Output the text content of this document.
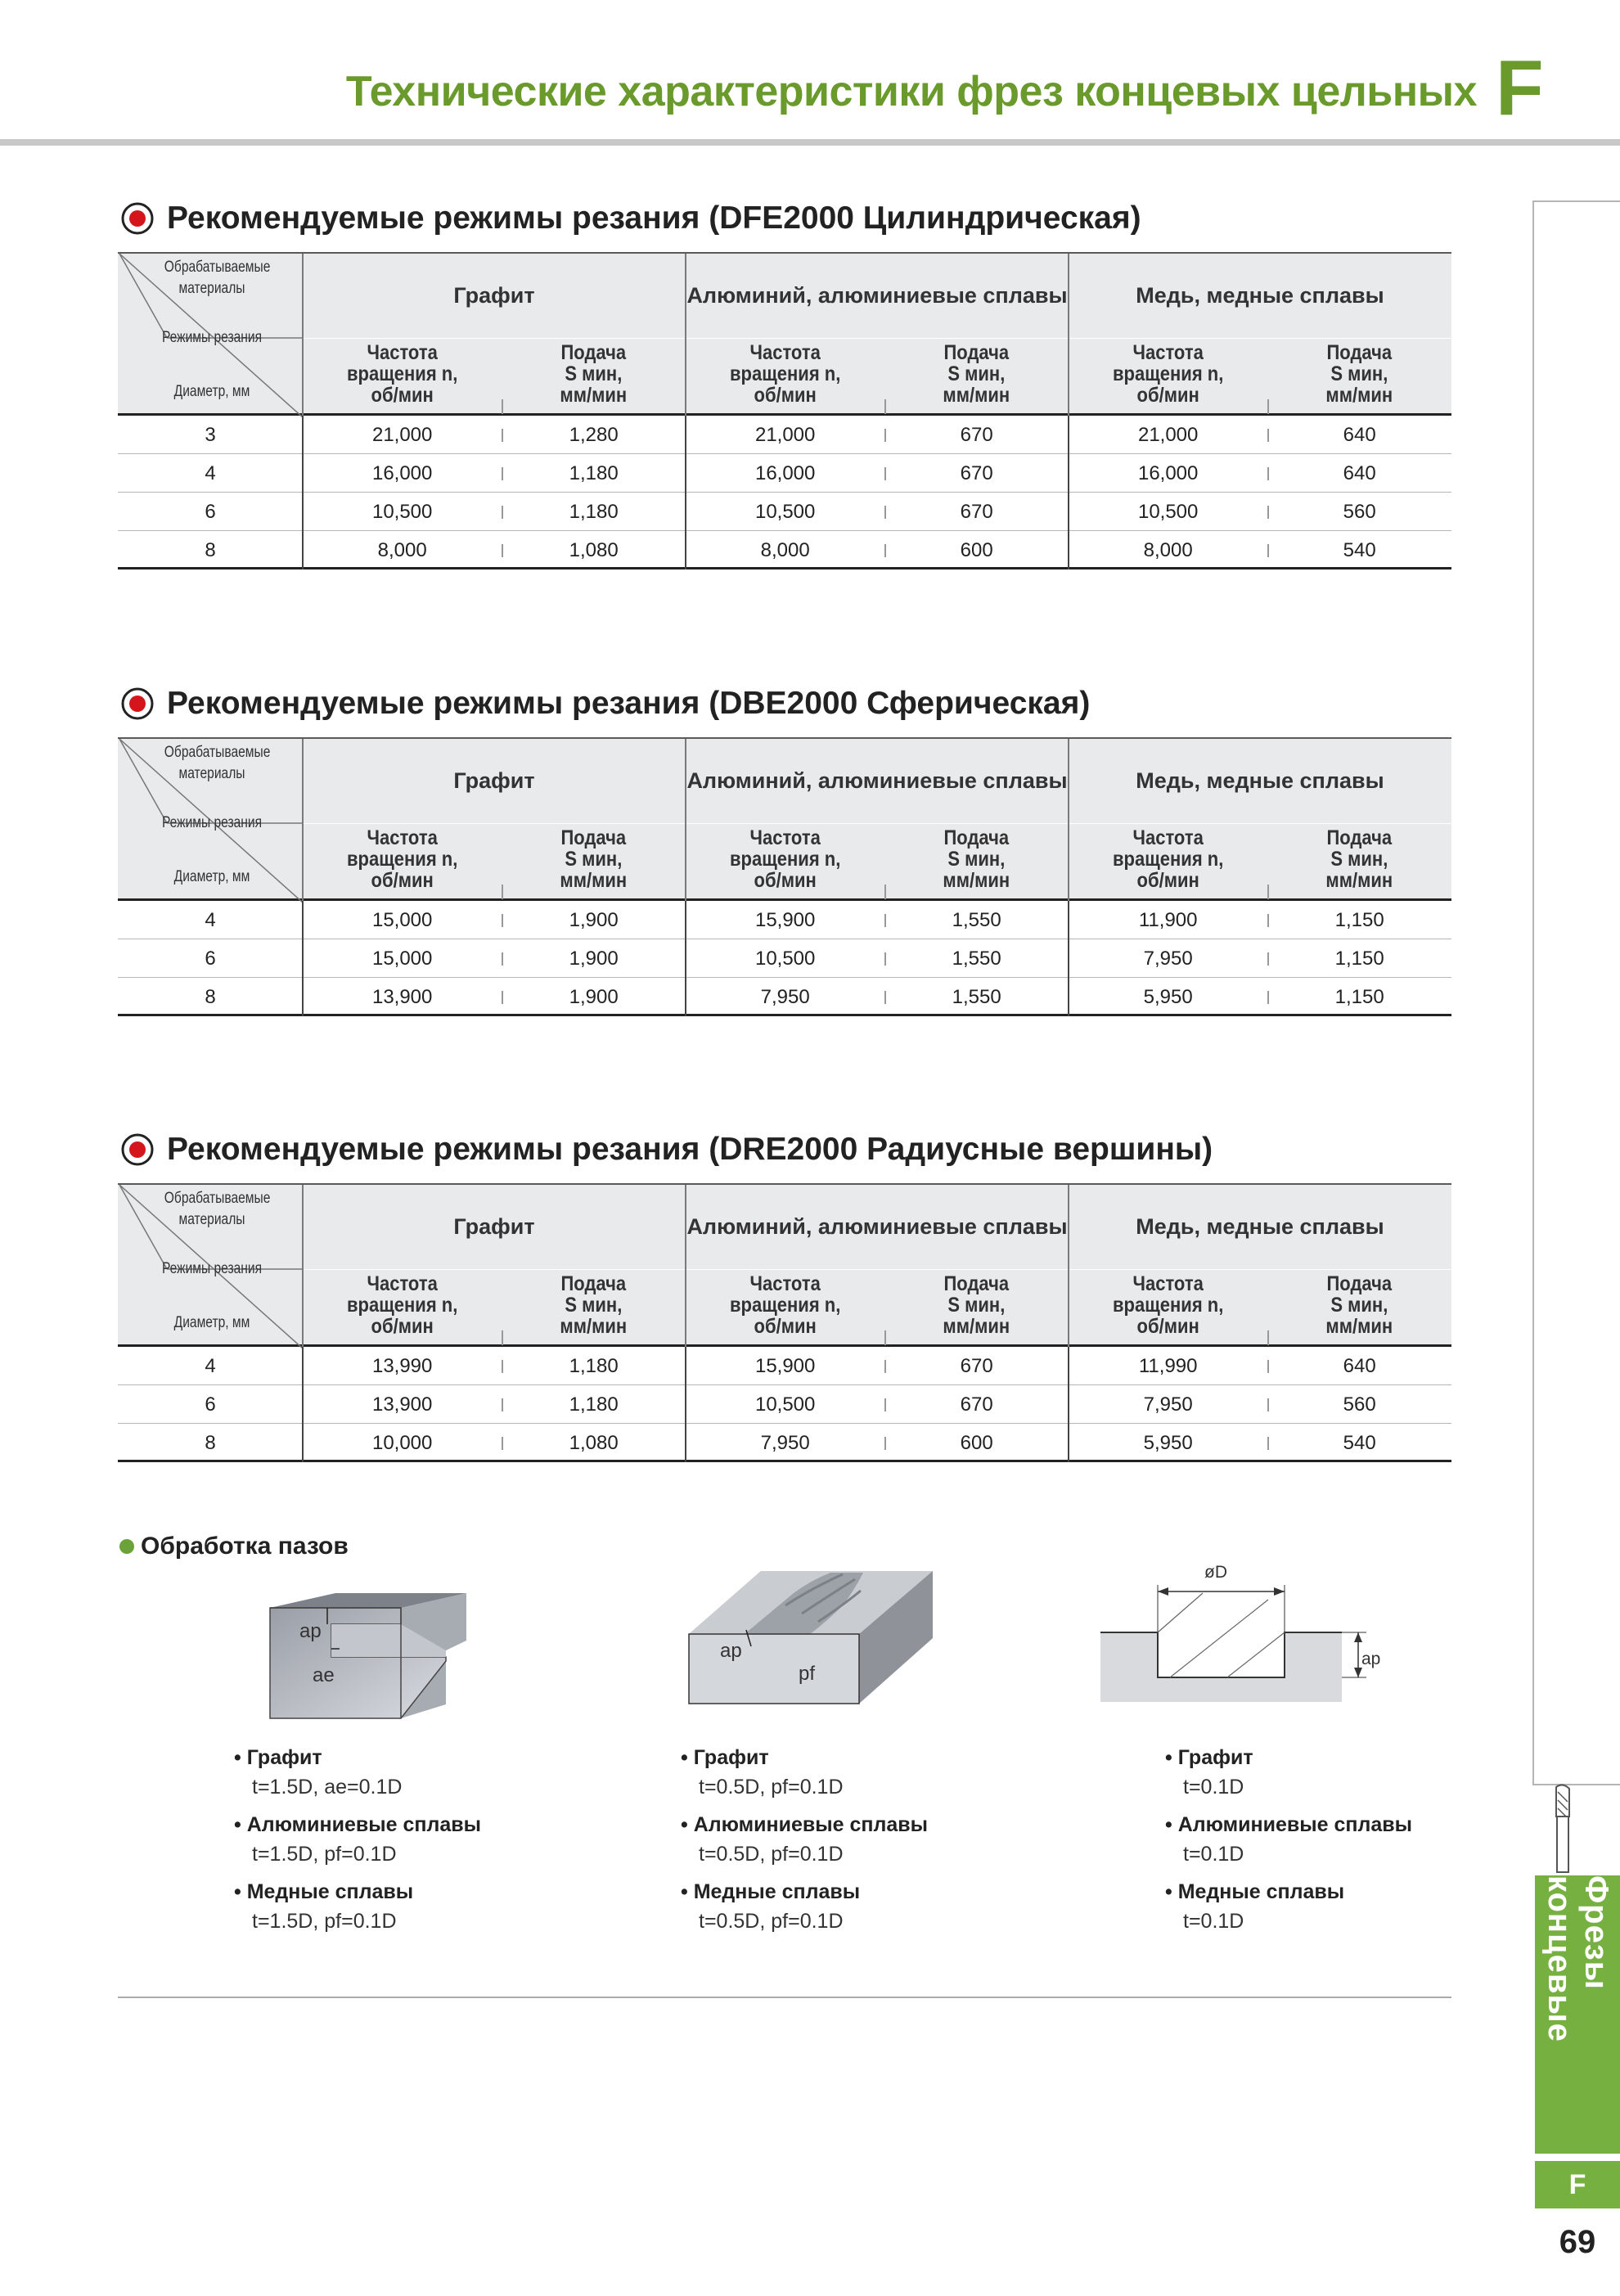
Технические характеристики фрез концевых цельных F
Фрезы концевые
F
69
Рекомендуемые режимы резания (DFE2000 Цилиндрическая)
Обрабатываемые материалы
Режимы резания
Диаметр, мм
Графит
Частота
вращения n,
об/мин
Подача
S мин,
мм/мин
Алюминий, алюминиевые сплавы
Частота
вращения n,
об/мин
Подача
S мин,
мм/мин
Медь, медные сплавы
Частота
вращения n,
об/мин
Подача
S мин,
мм/мин
3	21,000	1,280	21,000	670	21,000	640
4	16,000	1,180	16,000	670	16,000	640
6	10,500	1,180	10,500	670	10,500	560
8	8,000	1,080	8,000	600	8,000	540
Рекомендуемые режимы резания (DBE2000 Сферическая)
Обрабатываемые материалы
Режимы резания
Диаметр, мм
Графит
Частота
вращения n,
об/мин
Подача
S мин,
мм/мин
Алюминий, алюминиевые сплавы
Частота
вращения n,
об/мин
Подача
S мин,
мм/мин
Медь, медные сплавы
Частота
вращения n,
об/мин
Подача
S мин,
мм/мин
4	15,000	1,900	15,900	1,550	11,900	1,150
6	15,000	1,900	10,500	1,550	7,950	1,150
8	13,900	1,900	7,950	1,550	5,950	1,150
Рекомендуемые режимы резания (DRE2000 Радиусные вершины)
Обрабатываемые материалы
Режимы резания
Диаметр, мм
Графит
Частота
вращения n,
об/мин
Подача
S мин,
мм/мин
Алюминий, алюминиевые сплавы
Частота
вращения n,
об/мин
Подача
S мин,
мм/мин
Медь, медные сплавы
Частота
вращения n,
об/мин
Подача
S мин,
мм/мин
4	13,990	1,180	15,900	670	11,990	640
6	13,900	1,180	10,500	670	7,950	560
8	10,000	1,080	7,950	600	5,950	540
Обработка пазов
ap
ae
ap
pf
øD
ap
• Графит
t=1.5D, ae=0.1D
• Алюминиевые сплавы
t=1.5D, pf=0.1D
• Медные сплавы
t=1.5D, pf=0.1D
• Графит
t=0.5D, pf=0.1D
• Алюминиевые сплавы
t=0.5D, pf=0.1D
• Медные сплавы
t=0.5D, pf=0.1D
• Графит
t=0.1D
• Алюминиевые сплавы
t=0.1D
• Медные сплавы
t=0.1D
